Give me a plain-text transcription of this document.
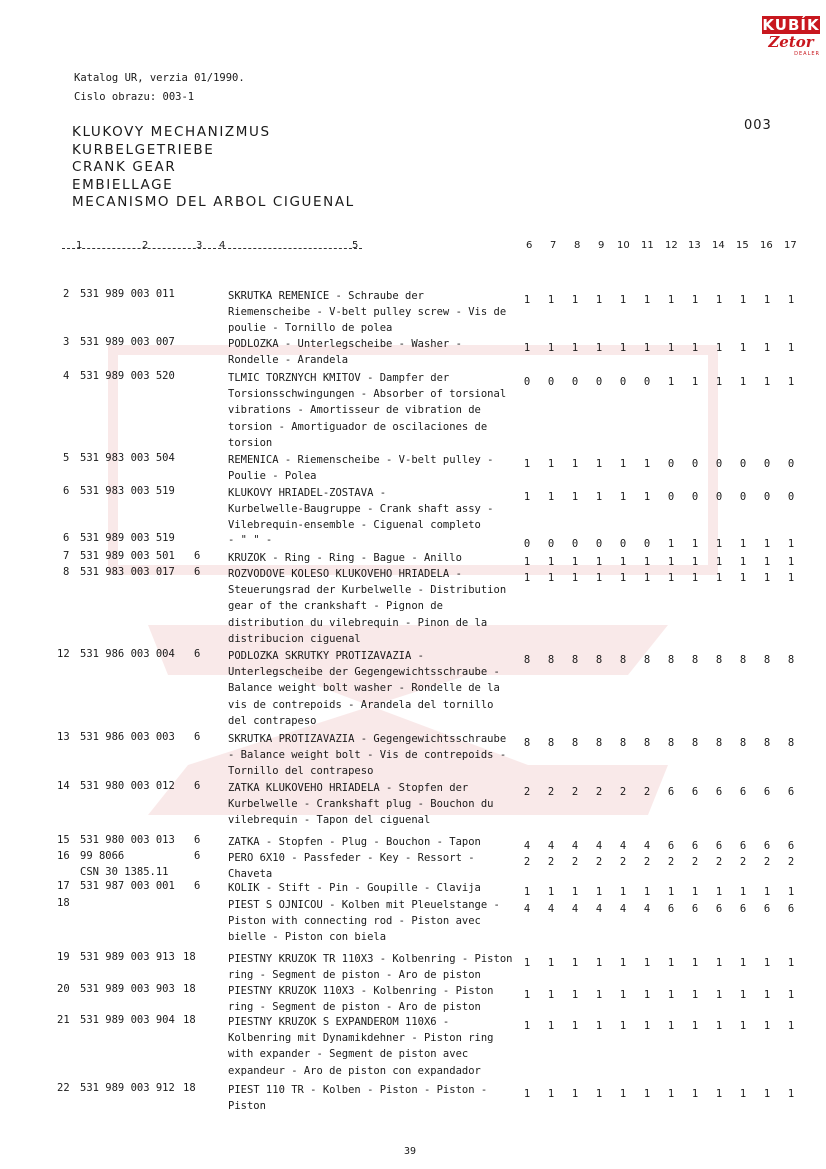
KUBÍK
Zetor
DEALER
Katalog UR, verzia 01/1990.
Cislo obrazu: 003-1
003
KLUKOVY MECHANIZMUS
KURBELGETRIEBE
CRANK GEAR
EMBIELLAGE
MECANISMO DEL ARBOL CIGUENAL
1	2	3 4	5	6 7 8 9 10 11 12 13 14 15 16 17
2 531 989 003 011	SKRUTKA REMENICE - Schraube der
Riemenscheibe - V-belt pulley screw - Vis de
poulie - Tornillo de polea
1	1	1	1	1	1	1	1	1	1	1	1
3 531 989 003 007	PODLOZKA - Unterlegscheibe - Washer -
Rondelle - Arandela
1	1	1	1	1	1	1	1	1	1	1	1
4 531 989 003 520	TLMIC TORZNYCH KMITOV - Dampfer der
Torsionsschwingungen - Absorber of torsional
vibrations - Amortisseur de vibration de
torsion - Amortiguador de oscilaciones de
torsion
0	0	0	0	0	0	1	1	1	1	1	1
5 531 983 003 504	REMENICA - Riemenscheibe - V-belt pulley -
Poulie - Polea
1	1	1	1	1	1	0	0	0	0	0	0
6 531 983 003 519	KLUKOVY HRIADEL-ZOSTAVA -
Kurbelwelle-Baugruppe - Crank shaft assy -
Vilebrequin-ensemble - Ciguenal completo
1	1	1	1	1	1	0	0	0	0	0	0
6 531 989 003 519	- " " -	0	0	0	0	0	0	1	1	1	1	1	1
7 531 989 003 501 6	KRUZOK - Ring - Ring - Bague - Anillo	1	1	1	1	1	1	1	1	1	1	1	1
8 531 983 003 017 6	ROZVODOVE KOLESO KLUKOVEHO HRIADELA -
Steuerungsrad der Kurbelwelle - Distribution
gear of the crankshaft - Pignon de
distribution du vilebrequin - Pinon de la
distribucion ciguenal
1	1	1	1	1	1	1	1	1	1	1	1
12 531 986 003 004 6	PODLOZKA SKRUTKY PROTIZAVAZIA -
Unterlegscheibe der Gegengewichtsschraube -
Balance weight bolt washer - Rondelle de la
vis de contrepoids - Arandela del tornillo
del contrapeso
8	8	8	8	8	8	8	8	8	8	8	8
13 531 986 003 003 6	SKRUTKA PROTIZAVAZIA - Gegengewichtsschraube
- Balance weight bolt - Vis de contrepoids -
Tornillo del contrapeso
8	8	8	8	8	8	8	8	8	8	8	8
14 531 980 003 012 6	ZATKA KLUKOVEHO HRIADELA - Stopfen der
Kurbelwelle - Crankshaft plug - Bouchon du
vilebrequin - Tapon del ciguenal
2	2	2	2	2	2	6	6	6	6	6	6
15 531 980 003 013 6	ZATKA - Stopfen - Plug - Bouchon - Tapon	4	4	4	4	4	4	6	6	6	6	6	6
16 99 8066
CSN 30 1385.11
6	PERO 6X10 - Passfeder - Key - Ressort -
Chaveta
2	2	2	2	2	2	2	2	2	2	2	2
17 531 987 003 001 6	KOLIK - Stift - Pin - Goupille - Clavija	1	1	1	1	1	1	1	1	1	1	1	1
18	PIEST S OJNICOU - Kolben mit Pleuelstange -
Piston with connecting rod - Piston avec
bielle - Piston con biela
4	4	4	4	4	4	6	6	6	6	6	6
19 531 989 003 913 18	PIESTNY KRUZOK TR 110X3 - Kolbenring - Piston
ring - Segment de piston - Aro de piston
1	1	1	1	1	1	1	1	1	1	1	1
20 531 989 003 903 18	PIESTNY KRUZOK 110X3 - Kolbenring - Piston
ring - Segment de piston - Aro de piston
1	1	1	1	1	1	1	1	1	1	1	1
21 531 989 003 904 18	PIESTNY KRUZOK S EXPANDEROM 110X6 -
Kolbenring mit Dynamikdehner - Piston ring
with expander - Segment de piston avec
expandeur - Aro de piston con expandador
1	1	1	1	1	1	1	1	1	1	1	1
22 531 989 003 912 18	PIEST 110 TR - Kolben - Piston - Piston -
Piston
1	1	1	1	1	1	1	1	1	1	1	1
39
